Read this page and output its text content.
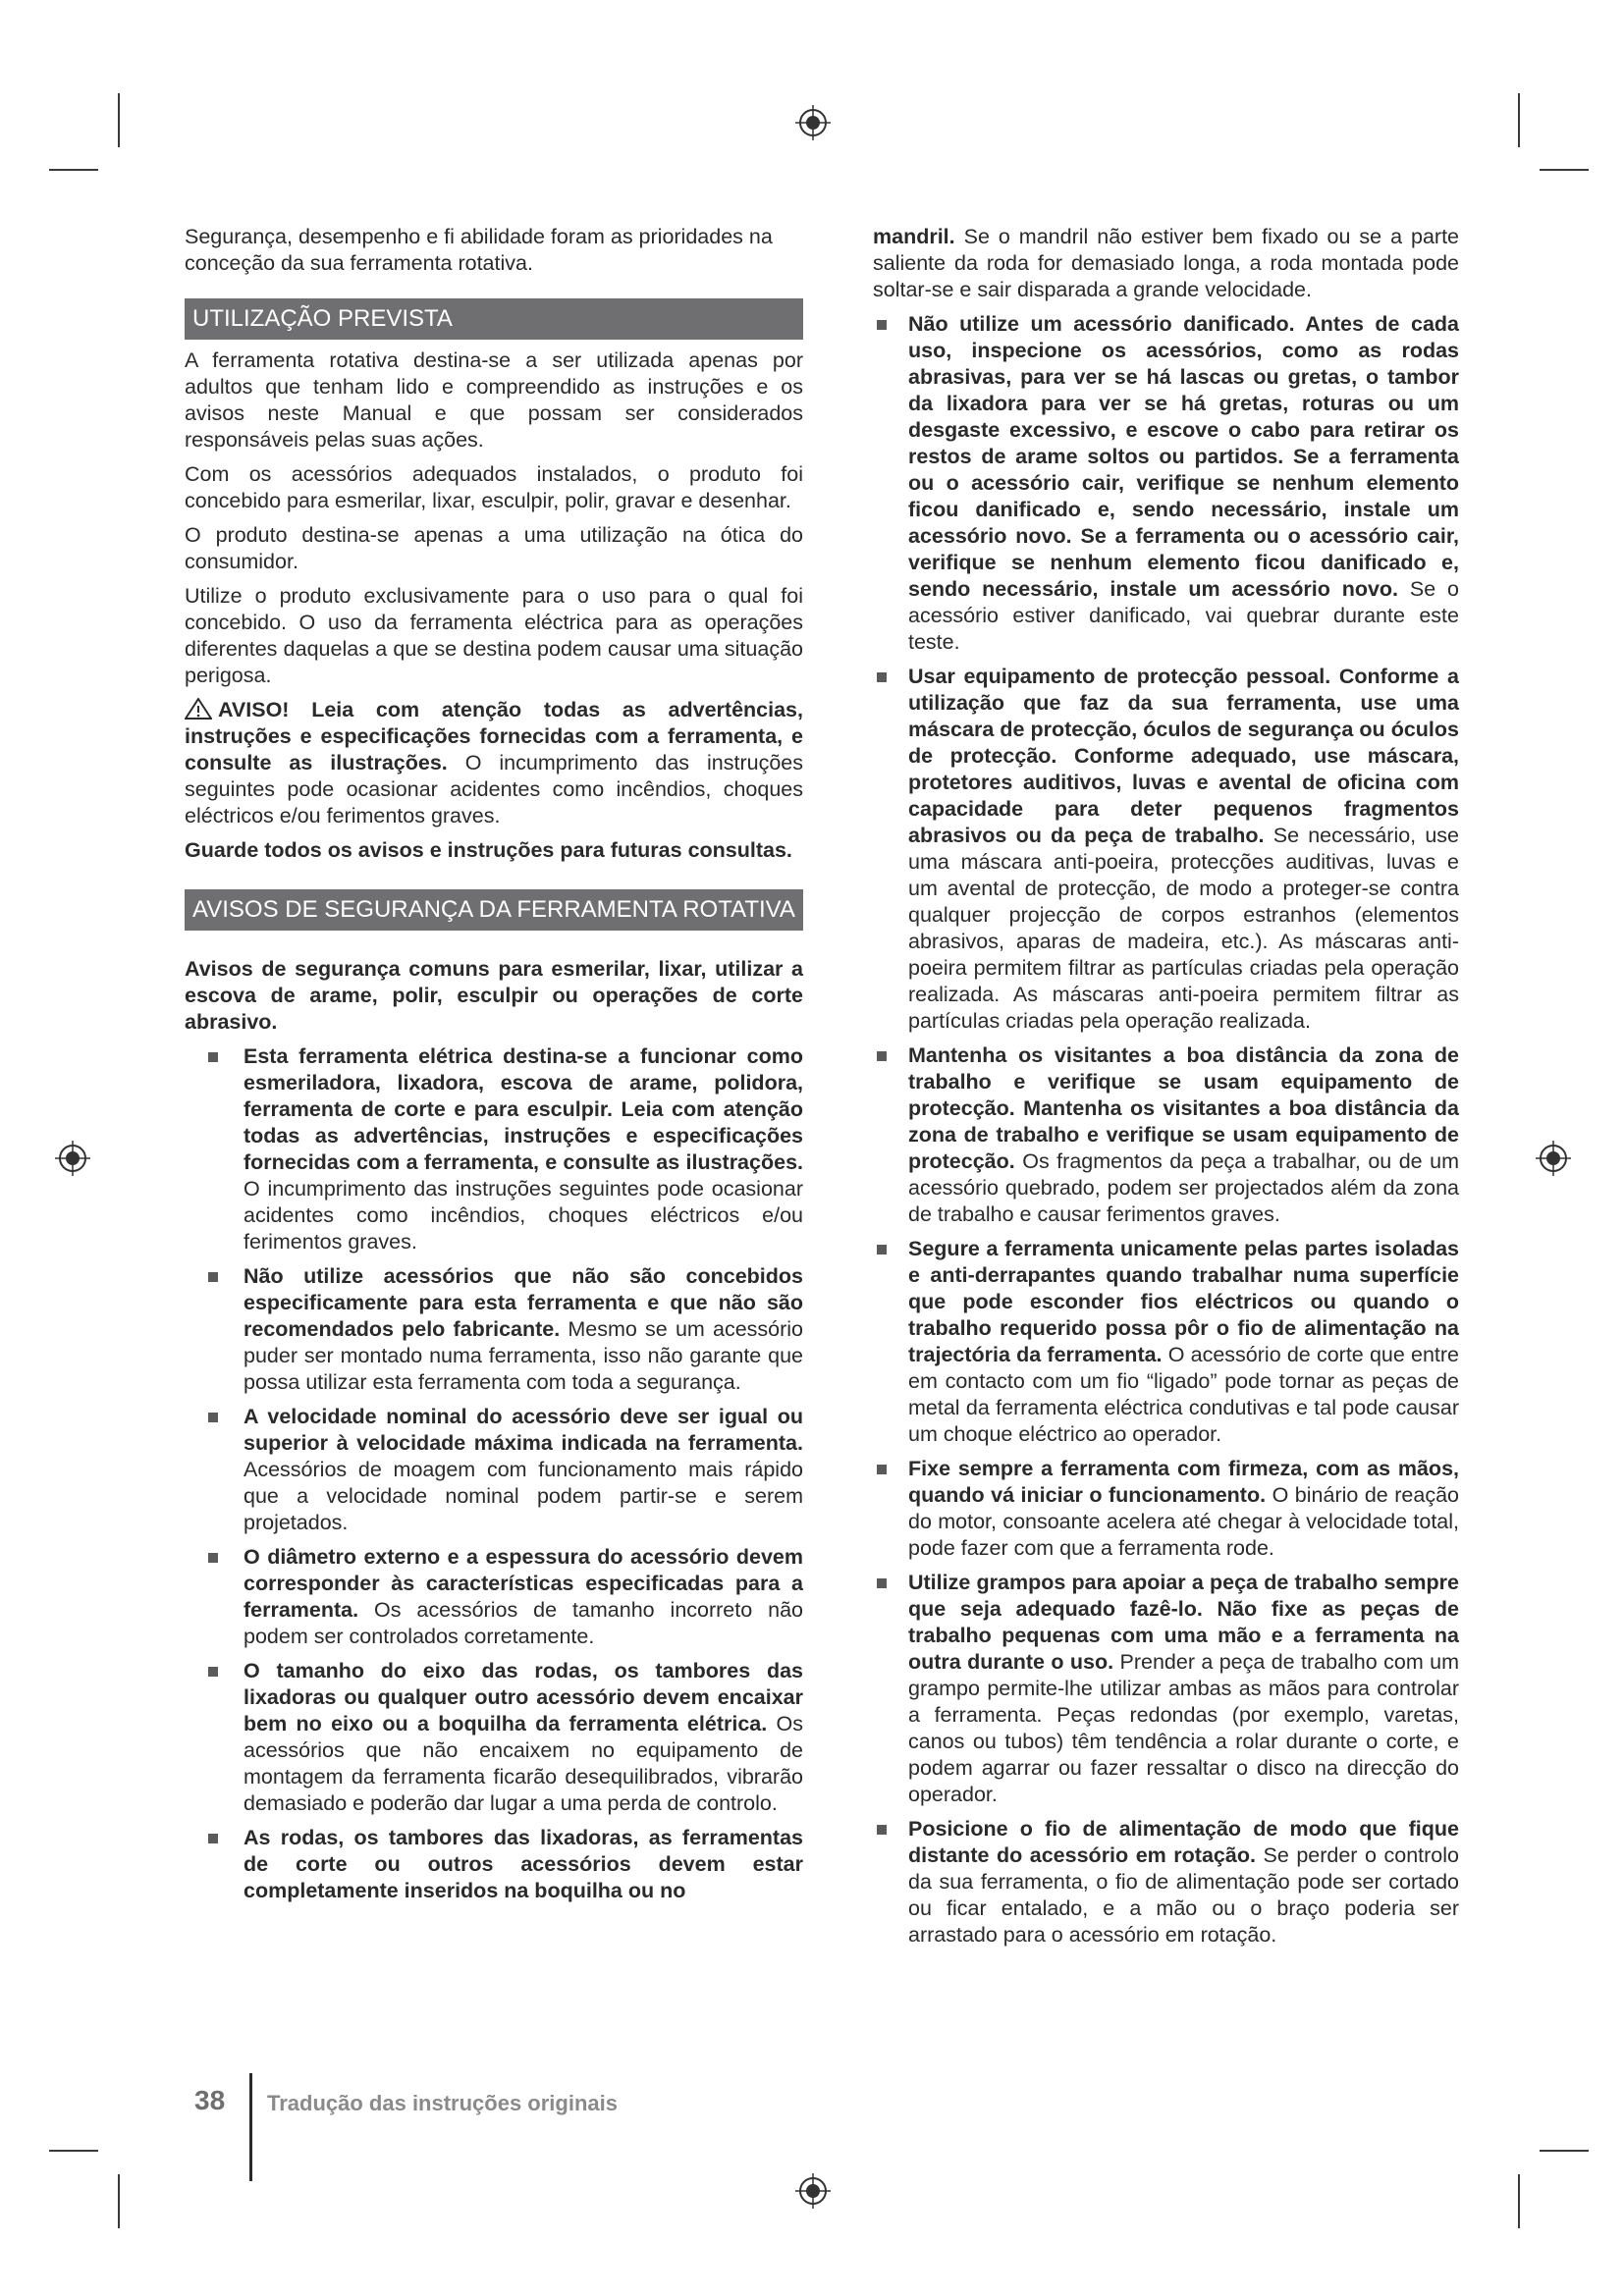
Segurança, desempenho e fi abilidade foram as prioridades na conceção da sua ferramenta rotativa.

UTILIZAÇÃO PREVISTA

A ferramenta rotativa destina-se a ser utilizada apenas por adultos que tenham lido e compreendido as instruções e os avisos neste Manual e que possam ser considerados responsáveis pelas suas ações.

Com os acessórios adequados instalados, o produto foi concebido para esmerilar, lixar, esculpir, polir, gravar e desenhar.

O produto destina-se apenas a uma utilização na ótica do consumidor.

Utilize o produto exclusivamente para o uso para o qual foi concebido. O uso da ferramenta eléctrica para as operações diferentes daquelas a que se destina podem causar uma situação perigosa.

AVISO! Leia com atenção todas as advertências, instruções e especificações fornecidas com a ferramenta, e consulte as ilustrações. O incumprimento das instruções seguintes pode ocasionar acidentes como incêndios, choques eléctricos e/ou ferimentos graves.

Guarde todos os avisos e instruções para futuras consultas.

AVISOS DE SEGURANÇA DA FERRAMENTA ROTATIVA

Avisos de segurança comuns para esmerilar, lixar, utilizar a escova de arame, polir, esculpir ou operações de corte abrasivo.

Esta ferramenta elétrica destina-se a funcionar como esmeriladora, lixadora, escova de arame, polidora, ferramenta de corte e para esculpir. Leia com atenção todas as advertências, instruções e especificações fornecidas com a ferramenta, e consulte as ilustrações. O incumprimento das instruções seguintes pode ocasionar acidentes como incêndios, choques eléctricos e/ou ferimentos graves.
Não utilize acessórios que não são concebidos especificamente para esta ferramenta e que não são recomendados pelo fabricante. Mesmo se um acessório puder ser montado numa ferramenta, isso não garante que possa utilizar esta ferramenta com toda a segurança.
A velocidade nominal do acessório deve ser igual ou superior à velocidade máxima indicada na ferramenta. Acessórios de moagem com funcionamento mais rápido que a velocidade nominal podem partir-se e serem projetados.
O diâmetro externo e a espessura do acessório devem corresponder às características especificadas para a ferramenta. Os acessórios de tamanho incorreto não podem ser controlados corretamente.
O tamanho do eixo das rodas, os tambores das lixadoras ou qualquer outro acessório devem encaixar bem no eixo ou a boquilha da ferramenta elétrica. Os acessórios que não encaixem no equipamento de montagem da ferramenta ficarão desequilibrados, vibrarão demasiado e poderão dar lugar a uma perda de controlo.
As rodas, os tambores das lixadoras, as ferramentas de corte ou outros acessórios devem estar completamente inseridos na boquilha ou no

mandril. Se o mandril não estiver bem fixado ou se a parte saliente da roda for demasiado longa, a roda montada pode soltar-se e sair disparada a grande velocidade.

Não utilize um acessório danificado. Antes de cada uso, inspecione os acessórios, como as rodas abrasivas, para ver se há lascas ou gretas, o tambor da lixadora para ver se há gretas, roturas ou um desgaste excessivo, e escove o cabo para retirar os restos de arame soltos ou partidos. Se a ferramenta ou o acessório cair, verifique se nenhum elemento ficou danificado e, sendo necessário, instale um acessório novo. Se a ferramenta ou o acessório cair, verifique se nenhum elemento ficou danificado e, sendo necessário, instale um acessório novo. Se o acessório estiver danificado, vai quebrar durante este teste.
Usar equipamento de protecção pessoal. Conforme a utilização que faz da sua ferramenta, use uma máscara de protecção, óculos de segurança ou óculos de protecção. Conforme adequado, use máscara, protetores auditivos, luvas e avental de oficina com capacidade para deter pequenos fragmentos abrasivos ou da peça de trabalho. Se necessário, use uma máscara anti-poeira, protecções auditivas, luvas e um avental de protecção, de modo a proteger-se contra qualquer projecção de corpos estranhos (elementos abrasivos, aparas de madeira, etc.). As máscaras anti-poeira permitem filtrar as partículas criadas pela operação realizada. As máscaras anti-poeira permitem filtrar as partículas criadas pela operação realizada.
Mantenha os visitantes a boa distância da zona de trabalho e verifique se usam equipamento de protecção. Mantenha os visitantes a boa distância da zona de trabalho e verifique se usam equipamento de protecção. Os fragmentos da peça a trabalhar, ou de um acessório quebrado, podem ser projectados além da zona de trabalho e causar ferimentos graves.
Segure a ferramenta unicamente pelas partes isoladas e anti-derrapantes quando trabalhar numa superfície que pode esconder fios eléctricos ou quando o trabalho requerido possa pôr o fio de alimentação na trajectória da ferramenta. O acessório de corte que entre em contacto com um fio “ligado” pode tornar as peças de metal da ferramenta eléctrica condutivas e tal pode causar um choque eléctrico ao operador.
Fixe sempre a ferramenta com firmeza, com as mãos, quando vá iniciar o funcionamento. O binário de reação do motor, consoante acelera até chegar à velocidade total, pode fazer com que a ferramenta rode.
Utilize grampos para apoiar a peça de trabalho sempre que seja adequado fazê-lo. Não fixe as peças de trabalho pequenas com uma mão e a ferramenta na outra durante o uso. Prender a peça de trabalho com um grampo permite-lhe utilizar ambas as mãos para controlar a ferramenta. Peças redondas (por exemplo, varetas, canos ou tubos) têm tendência a rolar durante o corte, e podem agarrar ou fazer ressaltar o disco na direcção do operador.
Posicione o fio de alimentação de modo que fique distante do acessório em rotação. Se perder o controlo da sua ferramenta, o fio de alimentação pode ser cortado ou ficar entalado, e a mão ou o braço poderia ser arrastado para o acessório em rotação.
38 Tradução das instruções originais
